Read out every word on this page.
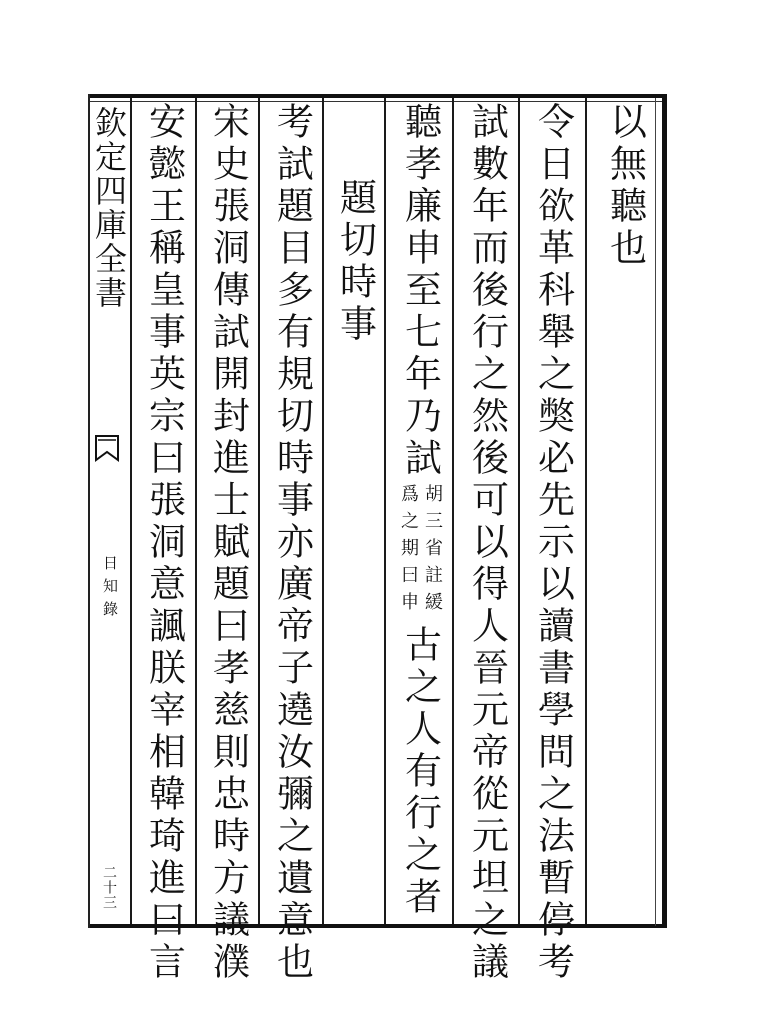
欽定四庫全書
日知錄
二十三
以無聽也
令日欲革科舉之獘必先示以讀書學問之法暫停考
試數年而後行之然後可以得人晉元帝從元坦之議
聽孝廉申至七年乃試
胡三省註緩
爲之期曰申
古之人有行之者
題切時事
考試題目多有規切時事亦廣帝子遶汝彌之遺意也
宋史張洞傳試開封進士賦題曰孝慈則忠時方議濮
安懿王稱皇事英宗曰張洞意諷朕宰相韓琦進曰言
